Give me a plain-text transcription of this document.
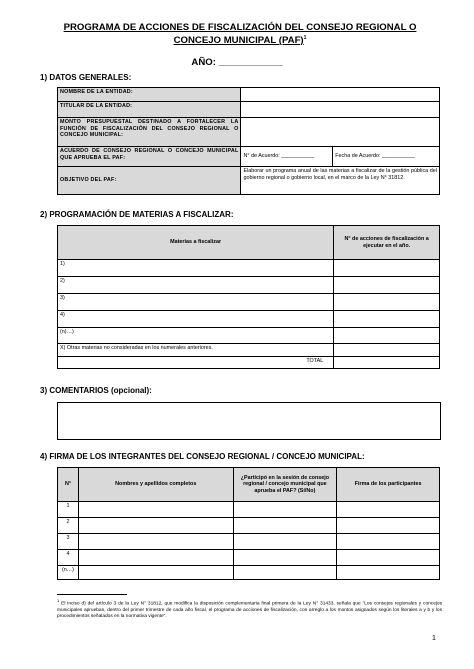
PROGRAMA DE ACCIONES DE FISCALIZACIÓN DEL CONSEJO REGIONAL O
CONCEJO MUNICIPAL (PAF)$^1$
AÑO: ____________
1) DATOS GENERALES:
NOMBRE DE LA ENTIDAD:		
TITULAR DE LA ENTIDAD:		
MONTO PRESUPUESTAL DESTINADO A FORTALECER LA FUNCIÓN DE FISCALIZACIÓN DEL CONSEJO REGIONAL O CONCEJO MUNICIPAL:		
ACUERDO DE CONSEJO REGIONAL O CONCEJO MUNICIPAL QUE APRUEBA EL PAF:	N° de Acuerdo: ___________	Fecha de Acuerdo: ___________
OBJETIVO DEL PAF:	Elaborar un programa anual de las materias a fiscalizar de la gestión pública del gobierno regional o gobierno local, en el marco de la Ley N° 31812.	
2) PROGRAMACIÓN DE MATERIAS A FISCALIZAR:
Materias a fiscalizar	N° de acciones de fiscalización a ejecutar en el año.
1)	
2)	
3)	
4)	
(n)…)	
X) Otras materias no consideradas en los numerales anteriores.	
TOTAL	
3) COMENTARIOS (opcional):
4) FIRMA DE LOS INTEGRANTES DEL CONSEJO REGIONAL / CONCEJO MUNICIPAL:
N°	Nombres y apellidos completos	¿Participó en la sesión de consejo regional / concejo municipal que aprueba el PAF? (Sí/No)	Firma de los participantes
1			
2			
3			
4			
(n…)			
$^1$ El inciso d) del artículo 3 de la Ley N° 31812, que modifica la disposición complementaria final primera de la Ley N° 31433, señala que "Los consejos regionales y concejos municipales aprueban, dentro del primer trimestre de cada año fiscal, el programa de acciones de fiscalización, con arreglo a los montos asignados según los literales a y b y los procedimientos señalados en la normativa vigente".
1
